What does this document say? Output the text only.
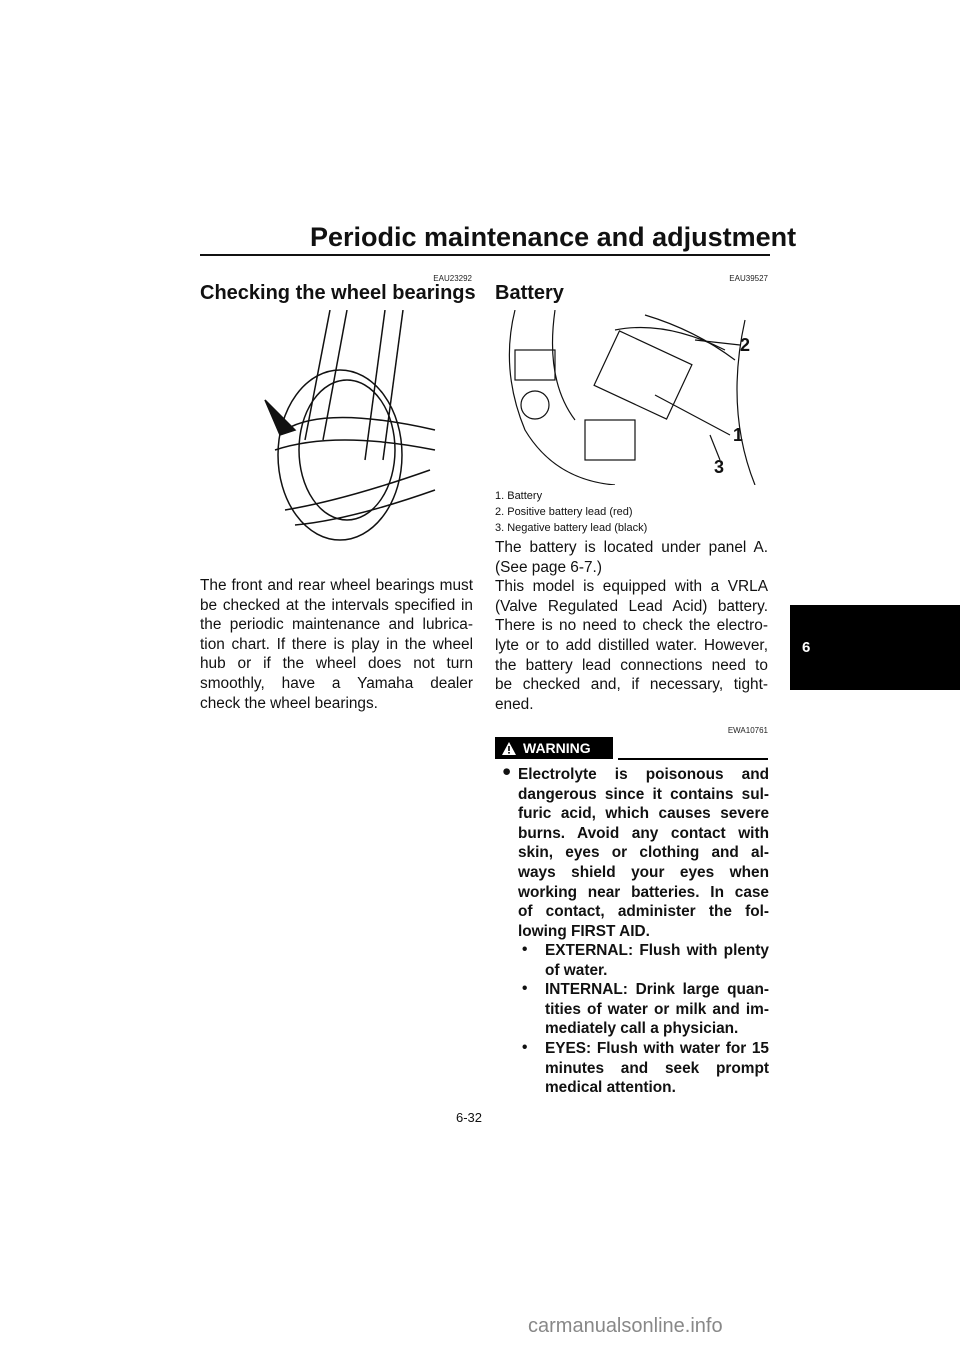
Periodic maintenance and adjustment
6
EAU23292
Checking the wheel bearings
The front and rear wheel bearings must
be checked at the intervals specified in
the periodic maintenance and lubrica-
tion chart. If there is play in the wheel
hub or if the wheel does not turn
smoothly, have a Yamaha dealer
check the wheel bearings.
EAU39527
Battery
2
1
3
1. Battery
2. Positive battery lead (red)
3. Negative battery lead (black)
The battery is located under panel A.
(See page 6-7.)
This model is equipped with a VRLA
(Valve Regulated Lead Acid) battery.
There is no need to check the electro-
lyte or to add distilled water. However,
the battery lead connections need to
be checked and, if necessary, tight-
ened.
EWA10761
WARNING
● Electrolyte is poisonous and
dangerous since it contains sul-
furic acid, which causes severe
burns. Avoid any contact with
skin, eyes or clothing and al-
ways shield your eyes when
working near batteries. In case
of contact, administer the fol-
lowing FIRST AID.
• EXTERNAL: Flush with plenty
of water.
• INTERNAL: Drink large quan-
tities of water or milk and im-
mediately call a physician.
• EYES: Flush with water for 15
minutes and seek prompt
medical attention.
6-32
carmanualsonline.info
